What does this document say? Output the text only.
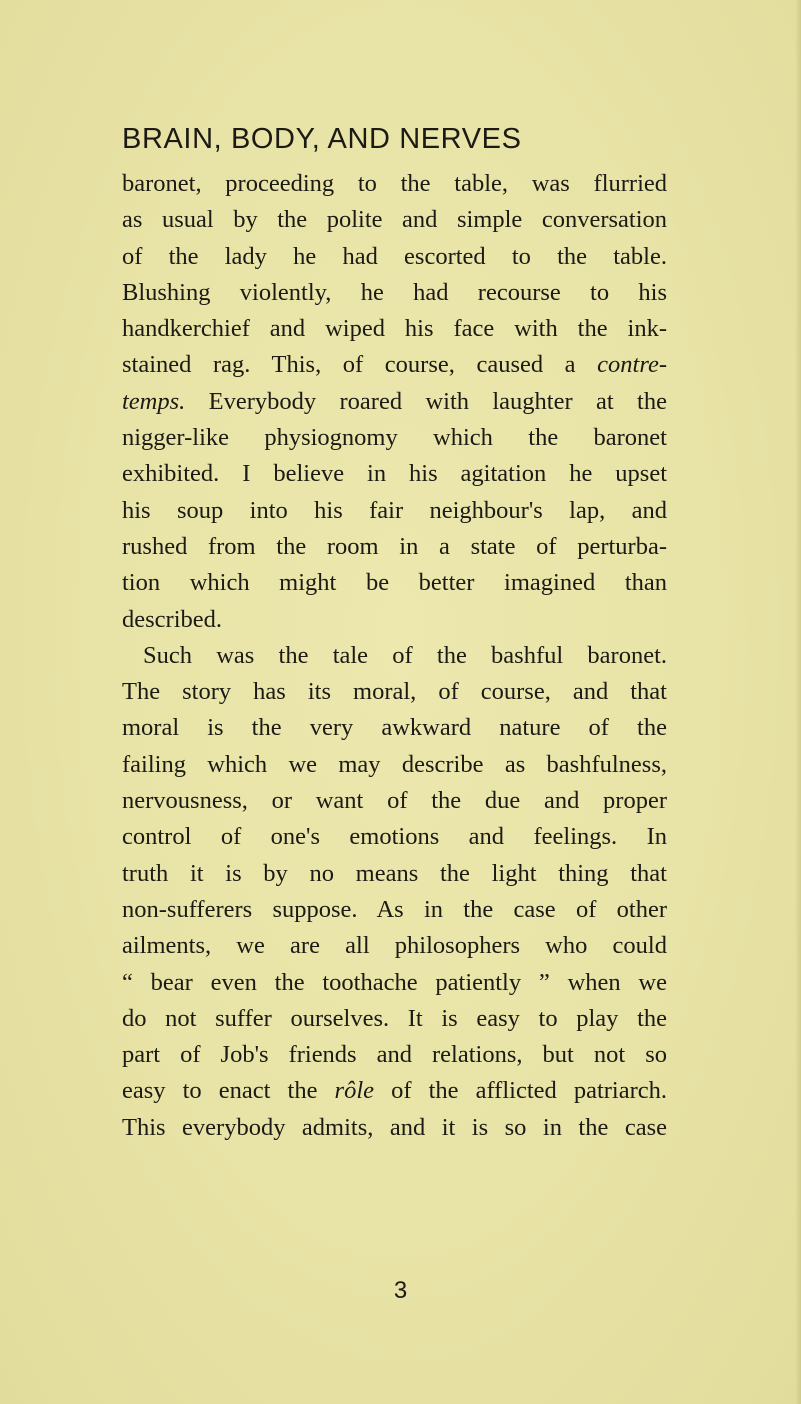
BRAIN, BODY, AND NERVES
baronet, proceeding to the table, was flurried
as usual by the polite and simple conversation
of the lady he had escorted to the table.
Blushing violently, he had recourse to his
handkerchief and wiped his face with the ink-
stained rag. This, of course, caused a contre-
temps. Everybody roared with laughter at the
nigger-like physiognomy which the baronet
exhibited. I believe in his agitation he upset
his soup into his fair neighbour's lap, and
rushed from the room in a state of perturba-
tion which might be better imagined than
described.
Such was the tale of the bashful baronet.
The story has its moral, of course, and that
moral is the very awkward nature of the
failing which we may describe as bashfulness,
nervousness, or want of the due and proper
control of one's emotions and feelings. In
truth it is by no means the light thing that
non-sufferers suppose. As in the case of other
ailments, we are all philosophers who could
“ bear even the toothache patiently ” when we
do not suffer ourselves. It is easy to play the
part of Job's friends and relations, but not so
easy to enact the rôle of the afflicted patriarch.
This everybody admits, and it is so in the case
3
